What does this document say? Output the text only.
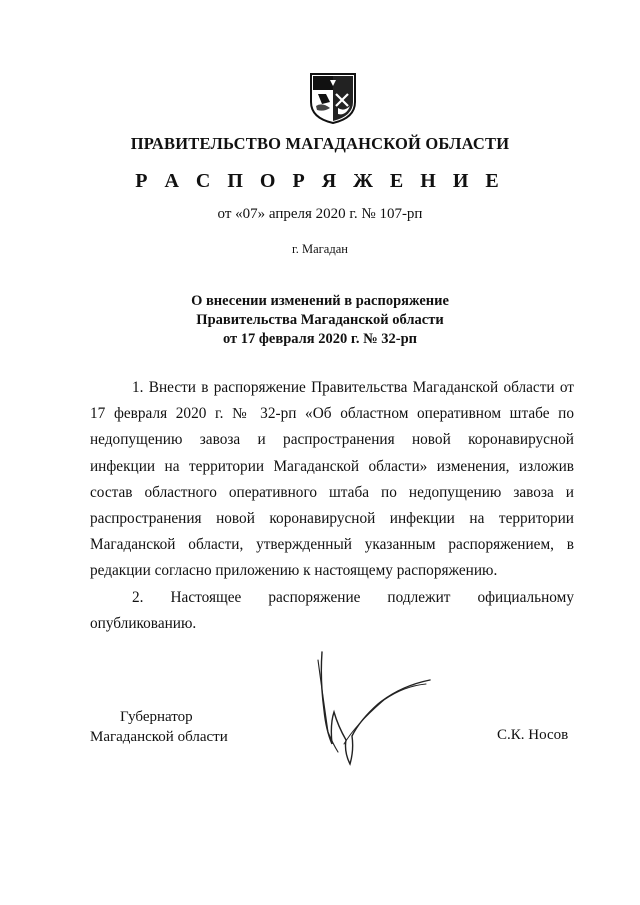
ПРАВИТЕЛЬСТВО МАГАДАНСКОЙ ОБЛАСТИ
Р А С П О Р Я Ж Е Н И Е
от «07» апреля 2020 г. № 107-рп
г. Магадан
О внесении изменений в распоряжение
Правительства Магаданской области
от 17 февраля 2020 г. № 32-рп

1. Внести в распоряжение Правительства Магаданской области от 17 февраля 2020 г. № 32-рп «Об областном оперативном штабе по недопущению завоза и распространения новой коронавирусной инфекции на территории Магаданской области» изменения, изложив состав областного оперативного штаба по недопущению завоза и распространения новой коронавирусной инфекции на территории Магаданской области, утвержденный указанным распоряжением, в редакции согласно приложению к настоящему распоряжению.

2. Настоящее распоряжение подлежит официальному опубликованию.

Губернатор
Магаданской области	С.К. Носов
